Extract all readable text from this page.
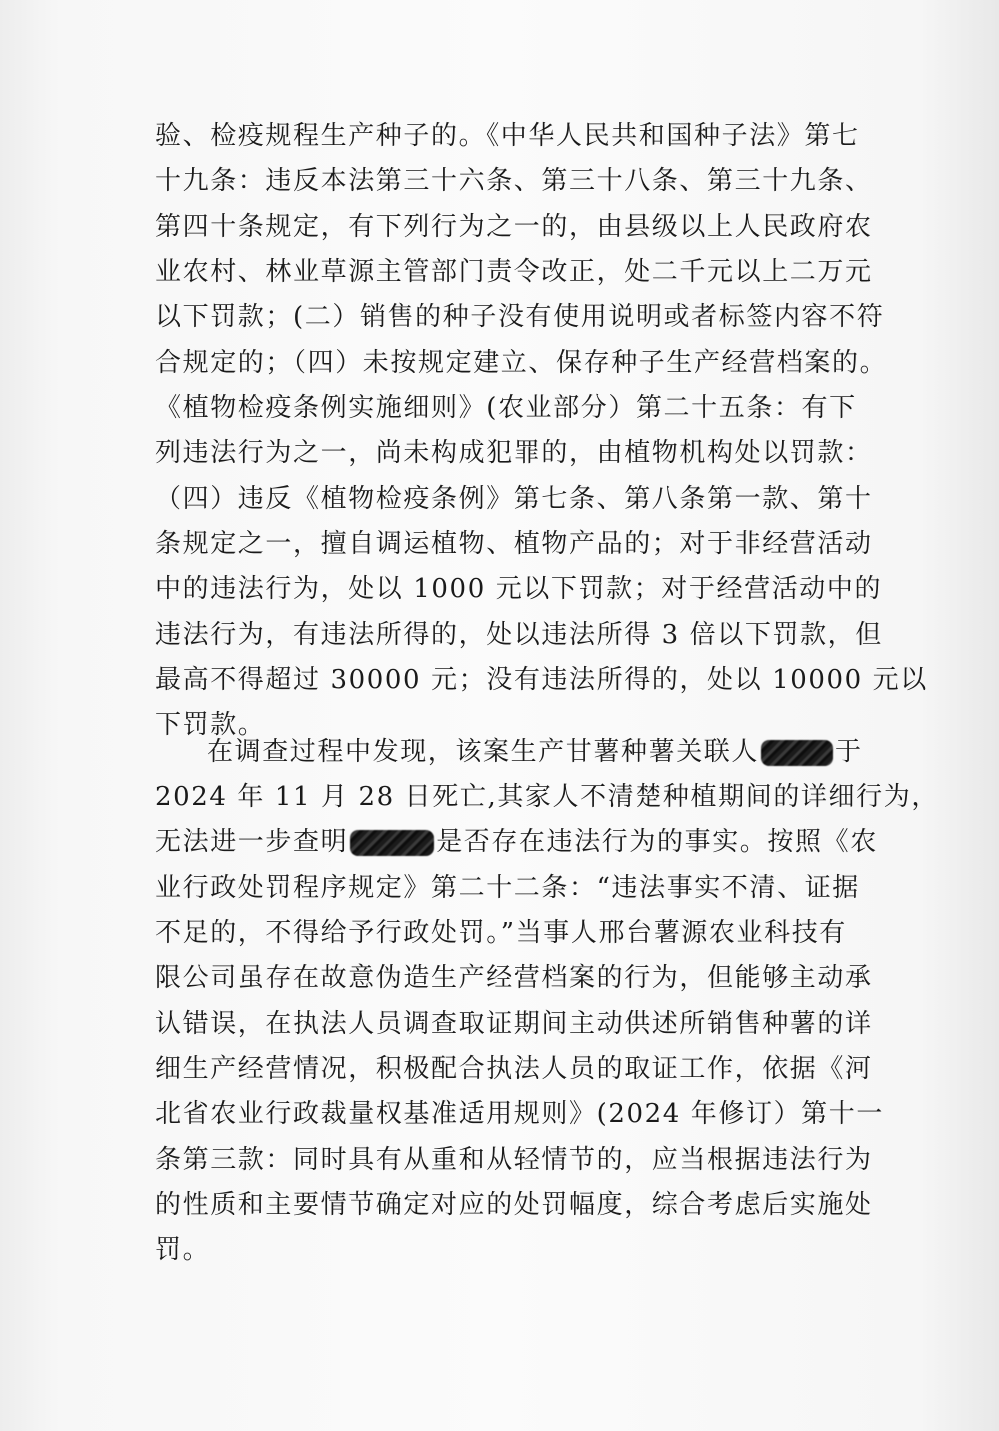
验、检疫规程生产种子的。《中华人民共和国种子法》第七
十九条：违反本法第三十六条、第三十八条、第三十九条、
第四十条规定，有下列行为之一的，由县级以上人民政府农
业农村、林业草源主管部门责令改正，处二千元以上二万元
以下罚款；(二）销售的种子没有使用说明或者标签内容不符
合规定的；（四）未按规定建立、保存种子生产经营档案的。
《植物检疫条例实施细则》(农业部分）第二十五条：有下
列违法行为之一，尚未构成犯罪的，由植物机构处以罚款：
（四）违反《植物检疫条例》第七条、第八条第一款、第十
条规定之一，擅自调运植物、植物产品的；对于非经营活动
中的违法行为，处以 1000 元以下罚款；对于经营活动中的
违法行为，有违法所得的，处以违法所得 3 倍以下罚款，但
最高不得超过 30000 元；没有违法所得的，处以 10000 元以
下罚款。
在调查过程中发现，该案生产甘薯种薯关联人	于
2024 年 11 月 28 日死亡,其家人不清楚种植期间的详细行为，
无法进一步查明	是否存在违法行为的事实。按照《农
业行政处罚程序规定》第二十二条：“违法事实不清、证据
不足的，不得给予行政处罚。”当事人邢台薯源农业科技有
限公司虽存在故意伪造生产经营档案的行为，但能够主动承
认错误，在执法人员调查取证期间主动供述所销售种薯的详
细生产经营情况，积极配合执法人员的取证工作，依据《河
北省农业行政裁量权基准适用规则》(2024 年修订）第十一
条第三款：同时具有从重和从轻情节的，应当根据违法行为
的性质和主要情节确定对应的处罚幅度，综合考虑后实施处
罚。
